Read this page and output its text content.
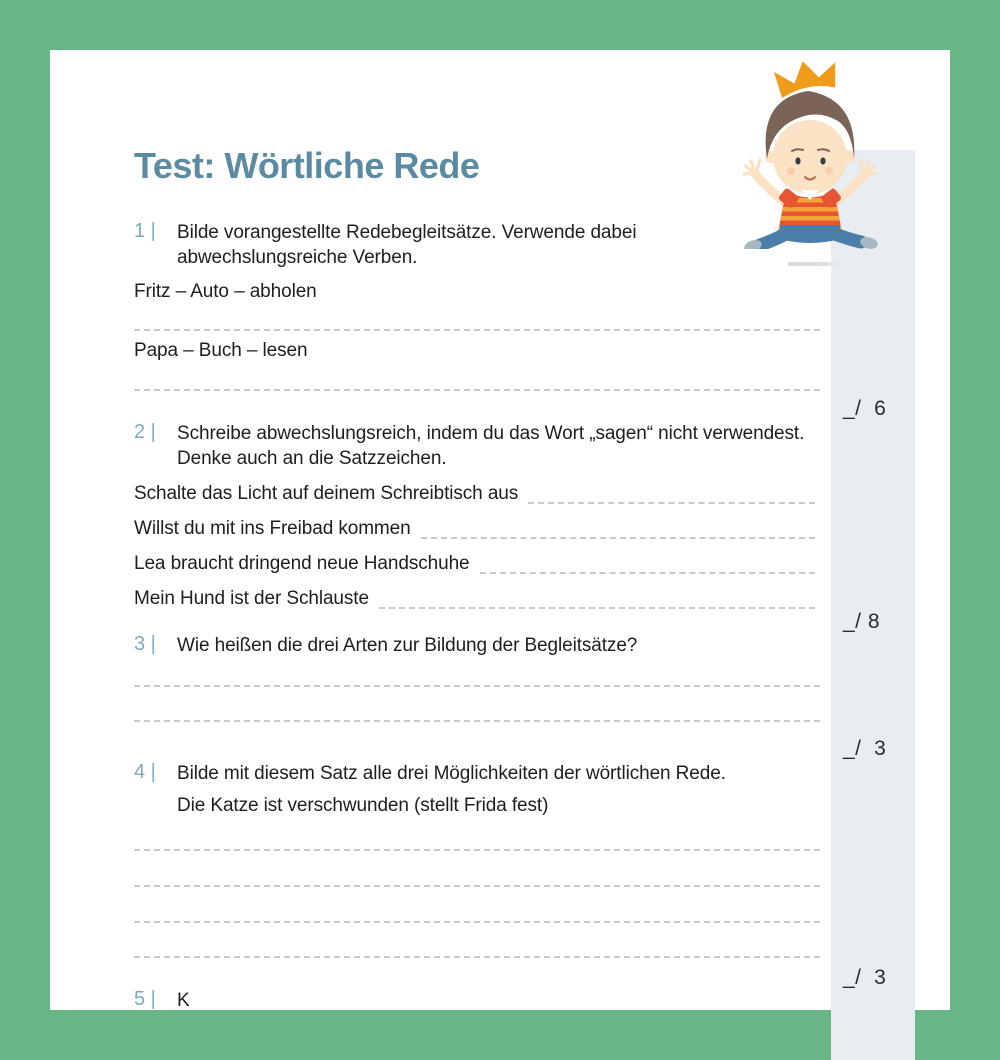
Test: Wörtliche Rede
1 |	Bilde vorangestellte Redebegleitsätze. Verwende dabei
abwechslungsreiche Verben.
Fritz – Auto – abholen
Papa – Buch – lesen
_/  6
2 |	Schreibe abwechslungsreich, indem du das Wort „sagen“ nicht verwendest.
Denke auch an die Satzzeichen.
Schalte das Licht auf deinem Schreibtisch aus
Willst du mit ins Freibad kommen
Lea braucht dringend neue Handschuhe
Mein Hund ist der Schlauste
_/ 8
3 |	Wie heißen die drei Arten zur Bildung der Begleitsätze?
_/  3
4 |	Bilde mit diesem Satz alle drei Möglichkeiten der wörtlichen Rede.
Die Katze ist verschwunden (stellt Frida fest)
_/  3
5 |	K
